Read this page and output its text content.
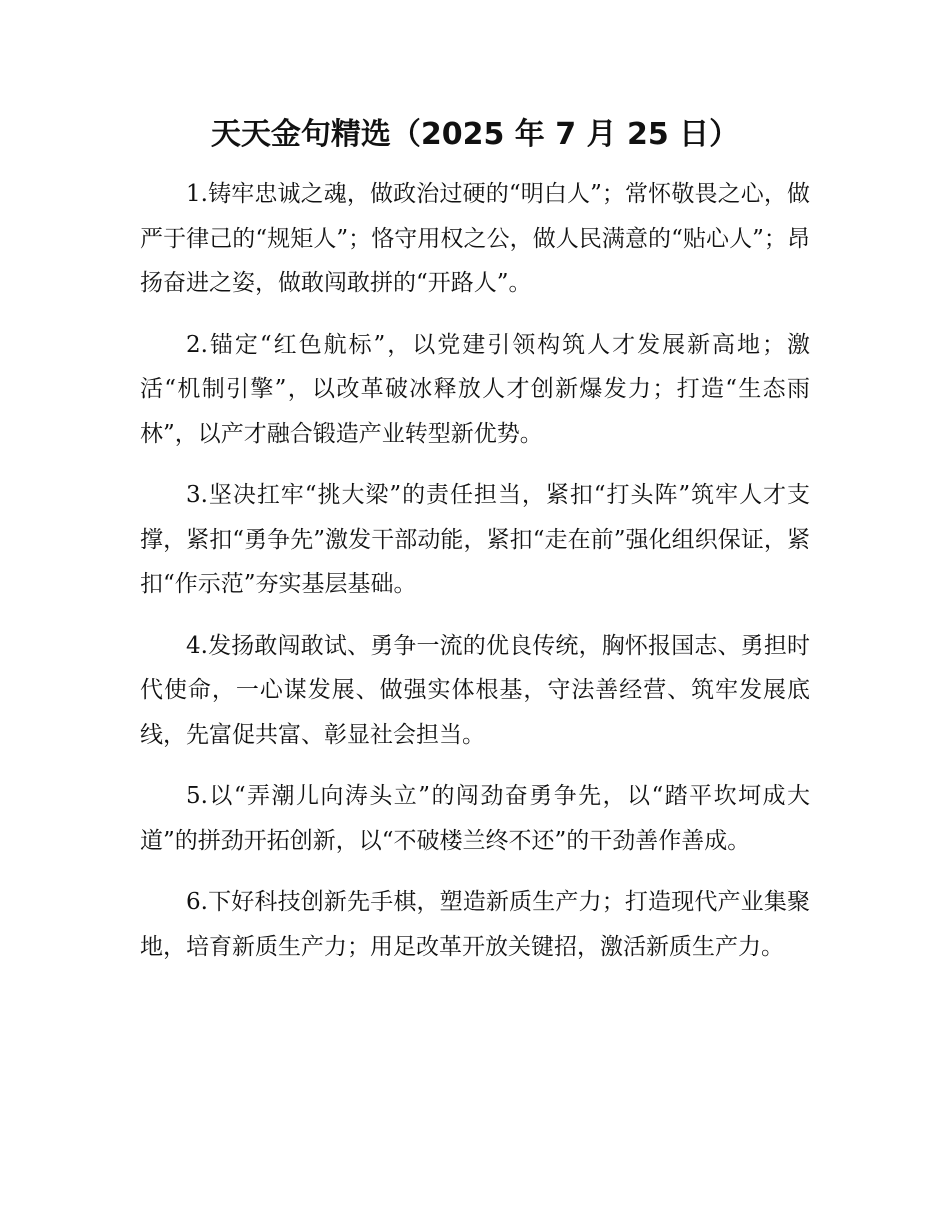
天天金句精选（2025 年 7 月 25 日）

1.铸牢忠诚之魂，做政治过硬的“明白人”；常怀敬畏之心，做严于律己的“规矩人”；恪守用权之公，做人民满意的“贴心人”；昂扬奋进之姿，做敢闯敢拼的“开路人”。

2.锚定“红色航标”，以党建引领构筑人才发展新高地；激活“机制引擎”，以改革破冰释放人才创新爆发力；打造“生态雨林”，以产才融合锻造产业转型新优势。

3.坚决扛牢“挑大梁”的责任担当，紧扣“打头阵”筑牢人才支撑，紧扣“勇争先”激发干部动能，紧扣“走在前”强化组织保证，紧扣“作示范”夯实基层基础。

4.发扬敢闯敢试、勇争一流的优良传统，胸怀报国志、勇担时代使命，一心谋发展、做强实体根基，守法善经营、筑牢发展底线，先富促共富、彰显社会担当。

5.以“弄潮儿向涛头立”的闯劲奋勇争先，以“踏平坎坷成大道”的拼劲开拓创新，以“不破楼兰终不还”的干劲善作善成。

6.下好科技创新先手棋，塑造新质生产力；打造现代产业集聚地，培育新质生产力；用足改革开放关键招，激活新质生产力。
